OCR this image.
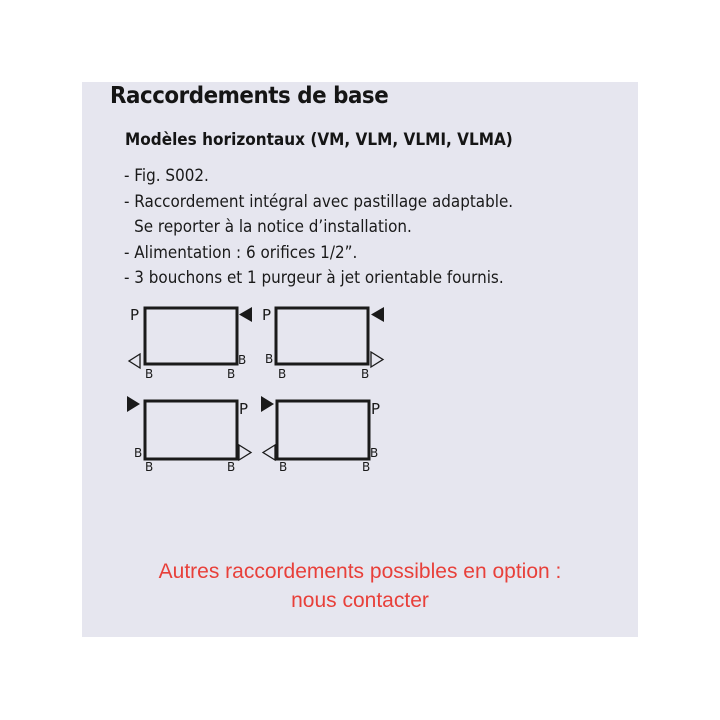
Raccordements de base
Modèles horizontaux (VM, VLM, VLMI, VLMA)
- Fig. S002.
- Raccordement intégral avec pastillage adaptable.
Se reporter à la notice d’installation.
- Alimentation : 6 orifices 1/2”.
- 3 bouchons et 1 purgeur à jet orientable fournis.
P	P
P	P
B	B
B B
B	B
B
B	B
B
B	B
Autres raccordements possibles en option :
nous contacter
